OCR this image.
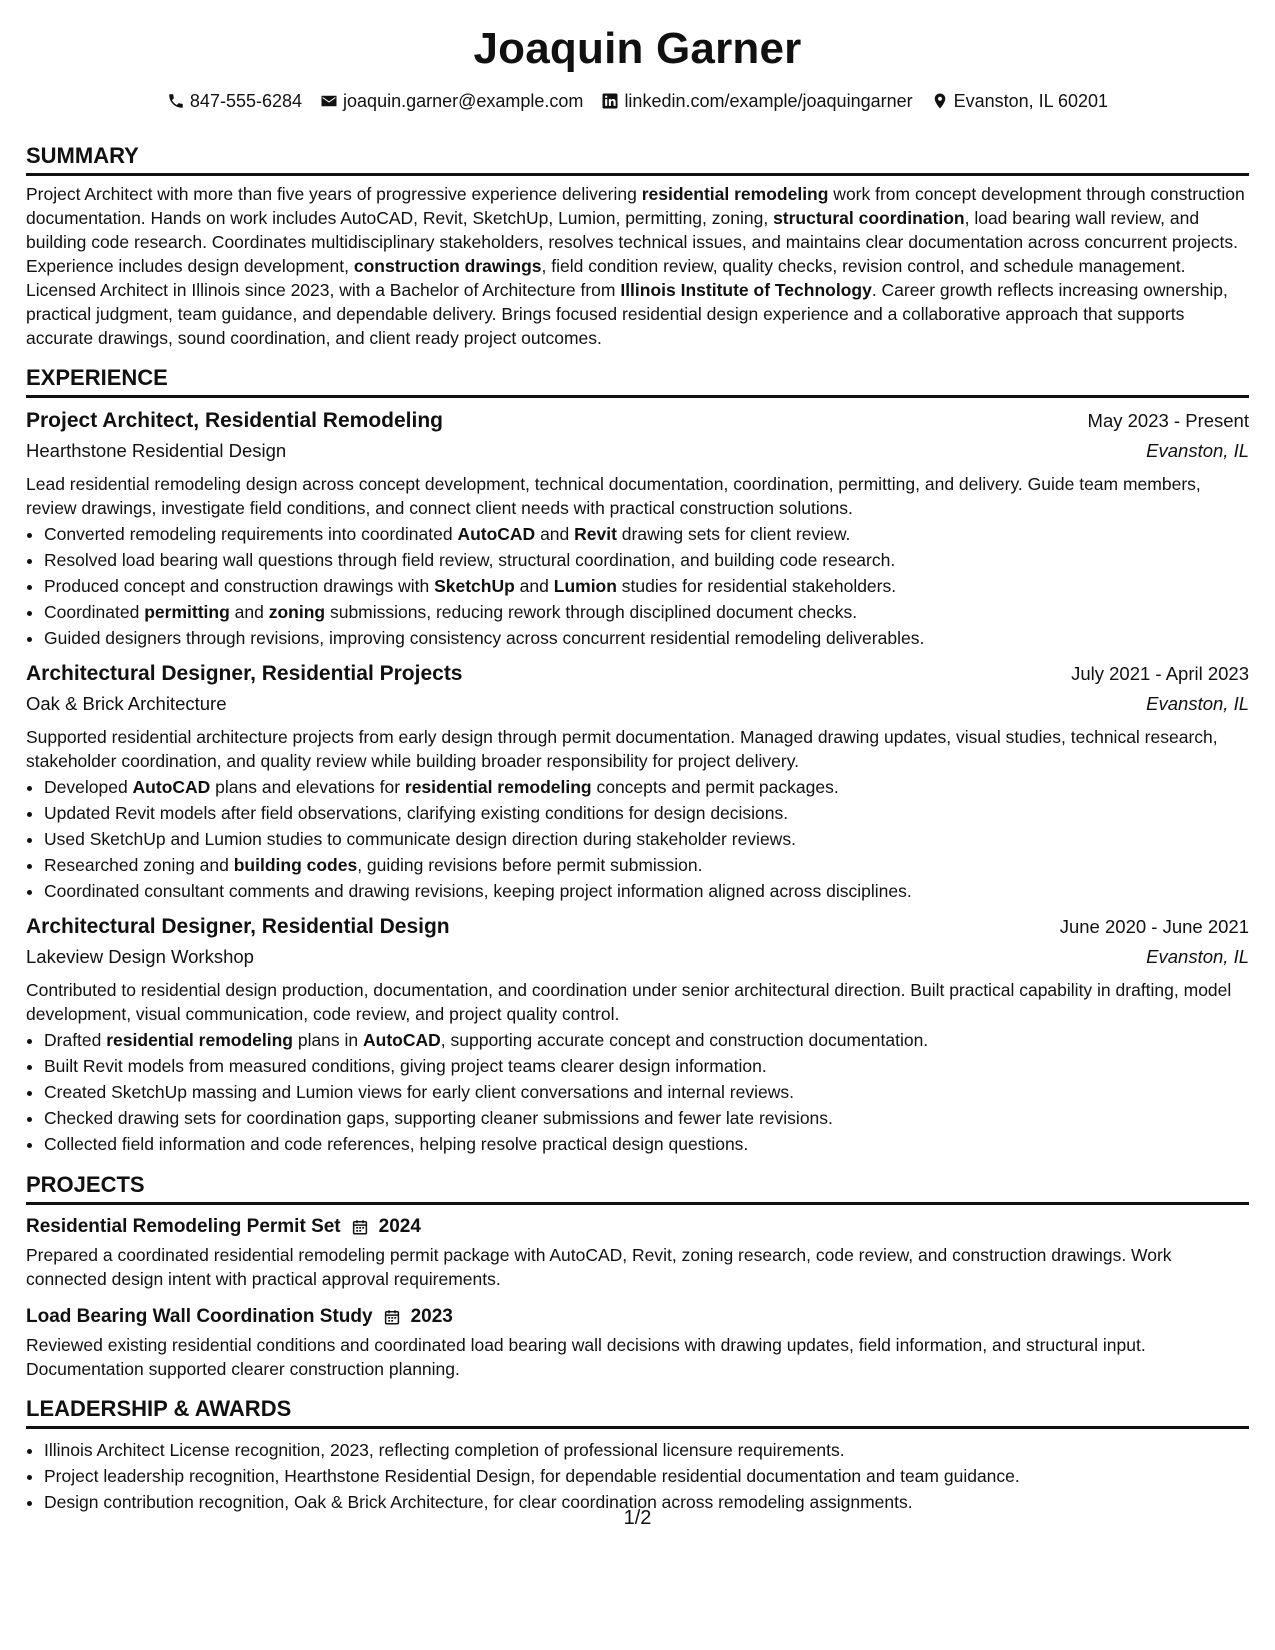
Joaquin Garner
847-555-6284 joaquin.garner@example.com linkedin.com/example/joaquingarner Evanston, IL 60201
SUMMARY

Project Architect with more than five years of progressive experience delivering residential remodeling work from concept development through construction documentation. Hands on work includes AutoCAD, Revit, SketchUp, Lumion, permitting, zoning, structural coordination, load bearing wall review, and building code research. Coordinates multidisciplinary stakeholders, resolves technical issues, and maintains clear documentation across concurrent projects. Experience includes design development, construction drawings, field condition review, quality checks, revision control, and schedule management. Licensed Architect in Illinois since 2023, with a Bachelor of Architecture from Illinois Institute of Technology. Career growth reflects increasing ownership, practical judgment, team guidance, and dependable delivery. Brings focused residential design experience and a collaborative approach that supports accurate drawings, sound coordination, and client ready project outcomes.

EXPERIENCE
Project Architect, Residential Remodeling	May 2023 - Present
Hearthstone Residential Design	Evanston, IL

Lead residential remodeling design across concept development, technical documentation, coordination, permitting, and delivery. Guide team members, review drawings, investigate field conditions, and connect client needs with practical construction solutions.

• Converted remodeling requirements into coordinated AutoCAD and Revit drawing sets for client review.
• Resolved load bearing wall questions through field review, structural coordination, and building code research.
• Produced concept and construction drawings with SketchUp and Lumion studies for residential stakeholders.
• Coordinated permitting and zoning submissions, reducing rework through disciplined document checks.
• Guided designers through revisions, improving consistency across concurrent residential remodeling deliverables.
Architectural Designer, Residential Projects	July 2021 - April 2023
Oak & Brick Architecture	Evanston, IL

Supported residential architecture projects from early design through permit documentation. Managed drawing updates, visual studies, technical research, stakeholder coordination, and quality review while building broader responsibility for project delivery.

• Developed AutoCAD plans and elevations for residential remodeling concepts and permit packages.
• Updated Revit models after field observations, clarifying existing conditions for design decisions.
• Used SketchUp and Lumion studies to communicate design direction during stakeholder reviews.
• Researched zoning and building codes, guiding revisions before permit submission.
• Coordinated consultant comments and drawing revisions, keeping project information aligned across disciplines.
Architectural Designer, Residential Design	June 2020 - June 2021
Lakeview Design Workshop	Evanston, IL

Contributed to residential design production, documentation, and coordination under senior architectural direction. Built practical capability in drafting, model development, visual communication, code review, and project quality control.

• Drafted residential remodeling plans in AutoCAD, supporting accurate concept and construction documentation.
• Built Revit models from measured conditions, giving project teams clearer design information.
• Created SketchUp massing and Lumion views for early client conversations and internal reviews.
• Checked drawing sets for coordination gaps, supporting cleaner submissions and fewer late revisions.
• Collected field information and code references, helping resolve practical design questions.
PROJECTS
Residential Remodeling Permit Set 2024

Prepared a coordinated residential remodeling permit package with AutoCAD, Revit, zoning research, code review, and construction drawings. Work connected design intent with practical approval requirements.

Load Bearing Wall Coordination Study 2023

Reviewed existing residential conditions and coordinated load bearing wall decisions with drawing updates, field information, and structural input. Documentation supported clearer construction planning.

LEADERSHIP & AWARDS
• Illinois Architect License recognition, 2023, reflecting completion of professional licensure requirements.
• Project leadership recognition, Hearthstone Residential Design, for dependable residential documentation and team guidance.
• Design contribution recognition, Oak & Brick Architecture, for clear coordination across remodeling assignments.
1/2
